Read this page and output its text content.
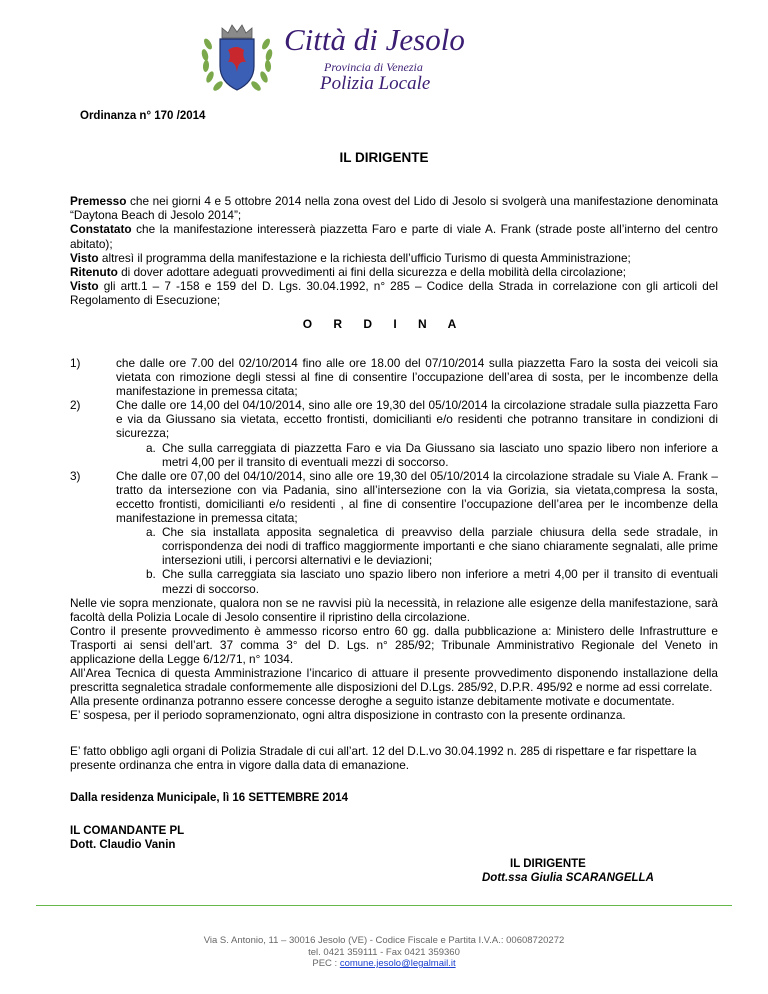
Città di Jesolo
Provincia di Venezia
Polizia Locale
Ordinanza n° 170 /2014
IL DIRIGENTE

Premesso che nei giorni 4 e 5 ottobre 2014 nella zona ovest del Lido di Jesolo si svolgerà una manifestazione denominata “Daytona Beach di Jesolo 2014”;

Constatato che la manifestazione interesserà piazzetta Faro e parte di viale A. Frank (strade poste all’interno del centro abitato);

Visto altresì il programma della manifestazione e la richiesta dell’ufficio Turismo di questa Amministrazione;

Ritenuto di dover adottare adeguati provvedimenti ai fini della sicurezza e della mobilità della circolazione;

Visto gli artt.1 – 7 -158 e 159 del D. Lgs. 30.04.1992, n° 285 – Codice della Strada in correlazione con gli articoli del Regolamento di Esecuzione;

O R D I N A

1)	che dalle ore 7.00 del 02/10/2014 fino alle ore 18.00 del 07/10/2014 sulla piazzetta Faro la sosta dei veicoli sia vietata con rimozione degli stessi al fine di consentire l’occupazione dell’area di sosta, per le incombenze della manifestazione in premessa citata;

2)	Che dalle ore 14,00 del 04/10/2014, sino alle ore 19,30 del 05/10/2014 la circolazione stradale sulla piazzetta Faro e via da Giussano sia vietata, eccetto frontisti, domicilianti e/o residenti che potranno transitare in condizioni di sicurezza;

a. Che sulla carreggiata di piazzetta Faro e via Da Giussano sia lasciato uno spazio libero non inferiore a metri 4,00 per il transito di eventuali mezzi di soccorso.

3)	Che dalle ore 07,00 del 04/10/2014, sino alle ore 19,30 del 05/10/2014 la circolazione stradale su Viale A. Frank – tratto da intersezione con via Padania, sino all’intersezione con la via Gorizia, sia vietata,compresa la sosta, eccetto frontisti, domicilianti e/o residenti , al fine di consentire l’occupazione dell’area per le incombenze della manifestazione in premessa citata;

a. Che sia installata apposita segnaletica di preavviso della parziale chiusura della sede stradale, in corrispondenza dei nodi di traffico maggiormente importanti e che siano chiaramente segnalati, alle prime intersezioni utili, i percorsi alternativi e le deviazioni;

b. Che sulla carreggiata sia lasciato uno spazio libero non inferiore a metri 4,00 per il transito di eventuali mezzi di soccorso.

Nelle vie sopra menzionate, qualora non se ne ravvisi più la necessità, in relazione alle esigenze della manifestazione, sarà facoltà della Polizia Locale di Jesolo consentire il ripristino della circolazione.

Contro il presente provvedimento è ammesso ricorso entro 60 gg. dalla pubblicazione a: Ministero delle Infrastrutture e Trasporti ai sensi dell’art. 37 comma 3° del D. Lgs. n° 285/92; Tribunale Amministrativo Regionale del Veneto in applicazione della Legge 6/12/71, n° 1034.

All’Area Tecnica di questa Amministrazione l’incarico di attuare il presente provvedimento disponendo installazione della prescritta segnaletica stradale conformemente alle disposizioni del D.Lgs. 285/92, D.P.R. 495/92 e norme ad essi correlate.

Alla presente ordinanza potranno essere concesse deroghe a seguito istanze debitamente motivate e documentate.

E’ sospesa, per il periodo sopramenzionato, ogni altra disposizione in contrasto con la presente ordinanza.

E’ fatto obbligo agli organi di Polizia Stradale di cui all’art. 12 del D.L.vo 30.04.1992 n. 285 di rispettare e far rispettare la presente ordinanza che entra in vigore dalla data di emanazione.

Dalla residenza Municipale, lì 16 SETTEMBRE 2014
IL COMANDANTE PL
Dott. Claudio Vanin
IL DIRIGENTE
Dott.ssa Giulia SCARANGELLA
Via S. Antonio, 11 – 30016 Jesolo (VE) - Codice Fiscale e Partita I.V.A.: 00608720272
tel. 0421 359111 - Fax 0421 359360
PEC : comune.jesolo@legalmail.it
